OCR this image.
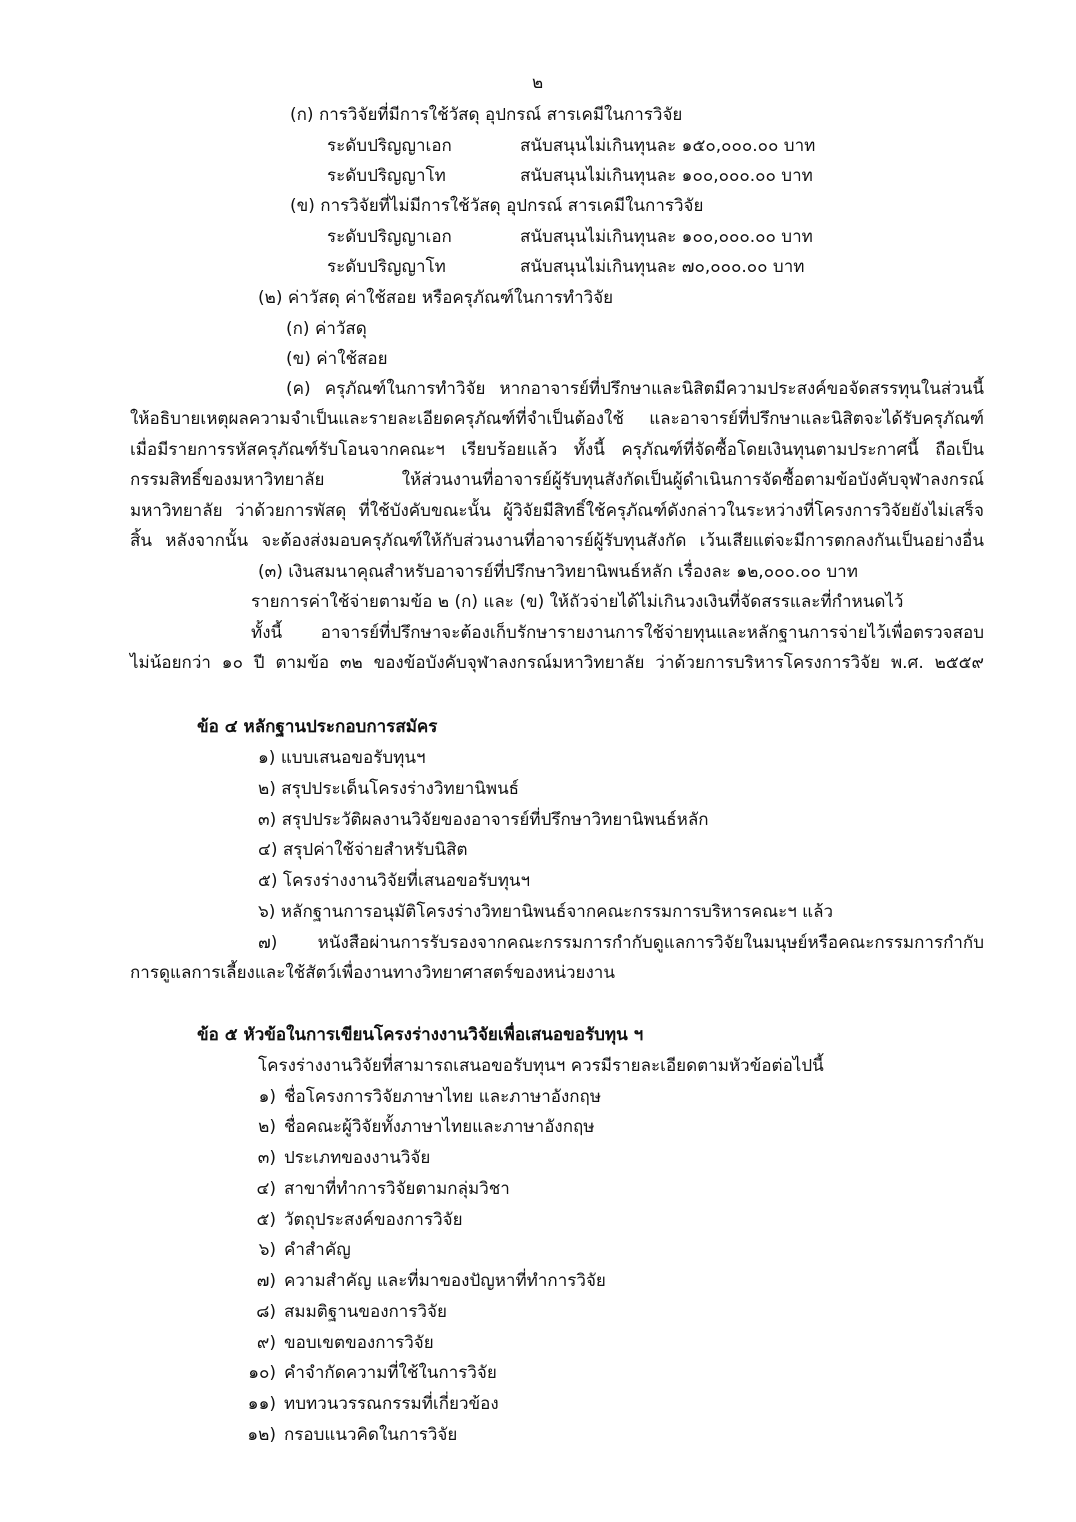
๒
(ก) การวิจัยที่มีการใช้วัสดุ อุปกรณ์ สารเคมีในการวิจัย
ระดับปริญญาเอก	สนับสนุนไม่เกินทุนละ ๑๕๐,๐๐๐.๐๐ บาท
ระดับปริญญาโท	สนับสนุนไม่เกินทุนละ ๑๐๐,๐๐๐.๐๐ บาท
(ข) การวิจัยที่ไม่มีการใช้วัสดุ อุปกรณ์ สารเคมีในการวิจัย
ระดับปริญญาเอก	สนับสนุนไม่เกินทุนละ ๑๐๐,๐๐๐.๐๐ บาท
ระดับปริญญาโท	สนับสนุนไม่เกินทุนละ ๗๐,๐๐๐.๐๐ บาท
(๒) ค่าวัสดุ ค่าใช้สอย หรือครุภัณฑ์ในการทำวิจัย
(ก) ค่าวัสดุ
(ข) ค่าใช้สอย
(ค) ครุภัณฑ์ในการทำวิจัย หากอาจารย์ที่ปรึกษาและนิสิตมีความประสงค์ขอจัดสรรทุนในส่วนนี้
ให้อธิบายเหตุผลความจำเป็นและรายละเอียดครุภัณฑ์ที่จำเป็นต้องใช้ และอาจารย์ที่ปรึกษาและนิสิตจะได้รับครุภัณฑ์
เมื่อมีรายการรหัสครุภัณฑ์รับโอนจากคณะฯ เรียบร้อยแล้ว ทั้งนี้ ครุภัณฑ์ที่จัดซื้อโดยเงินทุนตามประกาศนี้ ถือเป็น
กรรมสิทธิ์ของมหาวิทยาลัย ให้ส่วนงานที่อาจารย์ผู้รับทุนสังกัดเป็นผู้ดำเนินการจัดซื้อตามข้อบังคับจุฬาลงกรณ์
มหาวิทยาลัย ว่าด้วยการพัสดุ ที่ใช้บังคับขณะนั้น ผู้วิจัยมีสิทธิ์ใช้ครุภัณฑ์ดังกล่าวในระหว่างที่โครงการวิจัยยังไม่เสร็จ
สิ้น หลังจากนั้น จะต้องส่งมอบครุภัณฑ์ให้กับส่วนงานที่อาจารย์ผู้รับทุนสังกัด เว้นเสียแต่จะมีการตกลงกันเป็นอย่างอื่น
(๓) เงินสมนาคุณสำหรับอาจารย์ที่ปรึกษาวิทยานิพนธ์หลัก เรื่องละ ๑๒,๐๐๐.๐๐ บาท
รายการค่าใช้จ่ายตามข้อ ๒ (ก) และ (ข) ให้ถัวจ่ายได้ไม่เกินวงเงินที่จัดสรรและที่กำหนดไว้
ทั้งนี้ อาจารย์ที่ปรึกษาจะต้องเก็บรักษารายงานการใช้จ่ายทุนและหลักฐานการจ่ายไว้เพื่อตรวจสอบ
ไม่น้อยกว่า ๑๐ ปี ตามข้อ ๓๒ ของข้อบังคับจุฬาลงกรณ์มหาวิทยาลัย ว่าด้วยการบริหารโครงการวิจัย พ.ศ. ๒๕๕๙
ข้อ ๔ หลักฐานประกอบการสมัคร
๑) แบบเสนอขอรับทุนฯ
๒) สรุปประเด็นโครงร่างวิทยานิพนธ์
๓) สรุปประวัติผลงานวิจัยของอาจารย์ที่ปรึกษาวิทยานิพนธ์หลัก
๔) สรุปค่าใช้จ่ายสำหรับนิสิต
๕) โครงร่างงานวิจัยที่เสนอขอรับทุนฯ
๖) หลักฐานการอนุมัติโครงร่างวิทยานิพนธ์จากคณะกรรมการบริหารคณะฯ แล้ว
๗) หนังสือผ่านการรับรองจากคณะกรรมการกำกับดูแลการวิจัยในมนุษย์หรือคณะกรรมการกำกับ
การดูแลการเลี้ยงและใช้สัตว์เพื่องานทางวิทยาศาสตร์ของหน่วยงาน
ข้อ ๕ หัวข้อในการเขียนโครงร่างงานวิจัยเพื่อเสนอขอรับทุน ฯ
โครงร่างงานวิจัยที่สามารถเสนอขอรับทุนฯ ควรมีรายละเอียดตามหัวข้อต่อไปนี้
๑) ชื่อโครงการวิจัยภาษาไทย และภาษาอังกฤษ
๒) ชื่อคณะผู้วิจัยทั้งภาษาไทยและภาษาอังกฤษ
๓) ประเภทของงานวิจัย
๔) สาขาที่ทำการวิจัยตามกลุ่มวิชา
๕) วัตถุประสงค์ของการวิจัย
๖) คำสำคัญ
๗) ความสำคัญ และที่มาของปัญหาที่ทำการวิจัย
๘) สมมติฐานของการวิจัย
๙) ขอบเขตของการวิจัย
๑๐) คำจำกัดความที่ใช้ในการวิจัย
๑๑) ทบทวนวรรณกรรมที่เกี่ยวข้อง
๑๒) กรอบแนวคิดในการวิจัย
